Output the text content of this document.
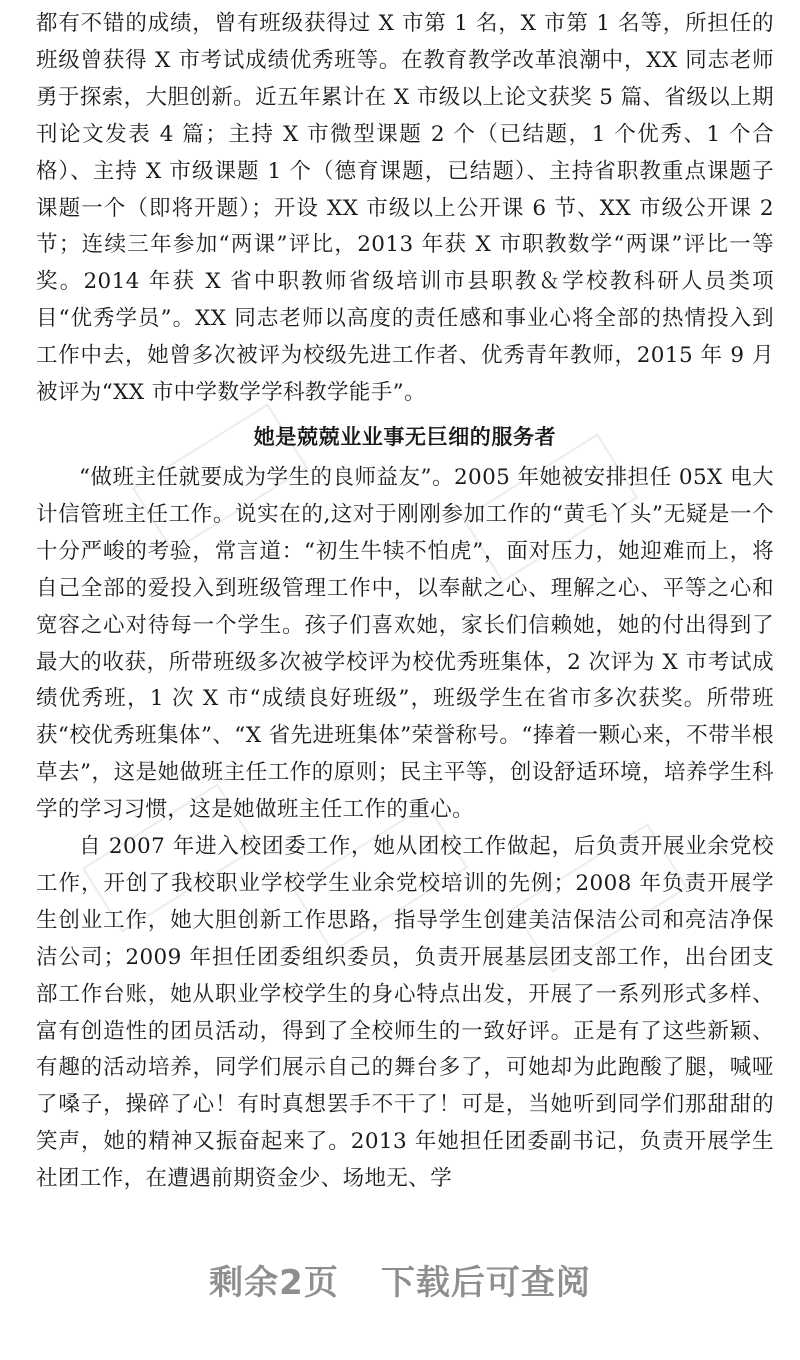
都有不错的成绩，曾有班级获得过 X 市第 1 名，X 市第 1 名等，所担任的班级曾获得 X 市考试成绩优秀班等。在教育教学改革浪潮中，XX 同志老师勇于探索，大胆创新。近五年累计在 X 市级以上论文获奖 5 篇、省级以上期刊论文发表 4 篇；主持 X 市微型课题 2 个（已结题，1 个优秀、1 个合格）、主持 X 市级课题 1 个（德育课题，已结题）、主持省职教重点课题子课题一个（即将开题）；开设 XX 市级以上公开课 6 节、XX 市级公开课 2 节；连续三年参加“两课”评比，2013 年获 X 市职教数学“两课”评比一等奖。2014 年获 X 省中职教师省级培训市县职教＆学校教科研人员类项目“优秀学员”。XX 同志老师以高度的责任感和事业心将全部的热情投入到工作中去，她曾多次被评为校级先进工作者、优秀青年教师，2015 年 9 月被评为“XX 市中学数学学科教学能手”。

她是兢兢业业事无巨细的服务者

“做班主任就要成为学生的良师益友”。2005 年她被安排担任 05X 电大计信管班主任工作。说实在的,这对于刚刚参加工作的“黄毛丫头”无疑是一个十分严峻的考验，常言道：“初生牛犊不怕虎”，面对压力，她迎难而上，将自己全部的爱投入到班级管理工作中，以奉献之心、理解之心、平等之心和宽容之心对待每一个学生。孩子们喜欢她，家长们信赖她，她的付出得到了最大的收获，所带班级多次被学校评为校优秀班集体，2 次评为 X 市考试成绩优秀班，1 次 X 市“成绩良好班级”，班级学生在省市多次获奖。所带班获“校优秀班集体”、“X 省先进班集体”荣誉称号。“捧着一颗心来，不带半根草去”，这是她做班主任工作的原则；民主平等，创设舒适环境，培养学生科学的学习习惯，这是她做班主任工作的重心。

自 2007 年进入校团委工作，她从团校工作做起，后负责开展业余党校工作，开创了我校职业学校学生业余党校培训的先例；2008 年负责开展学生创业工作，她大胆创新工作思路，指导学生创建美洁保洁公司和亮洁净保洁公司；2009 年担任团委组织委员，负责开展基层团支部工作，出台团支部工作台账，她从职业学校学生的身心特点出发，开展了一系列形式多样、富有创造性的团员活动，得到了全校师生的一致好评。正是有了这些新颖、有趣的活动培养，同学们展示自己的舞台多了，可她却为此跑酸了腿，喊哑了嗓子，操碎了心！有时真想罢手不干了！可是，当她听到同学们那甜甜的笑声，她的精神又振奋起来了。2013 年她担任团委副书记，负责开展学生社团工作，在遭遇前期资金少、场地无、学

剩余2页 下载后可查阅
